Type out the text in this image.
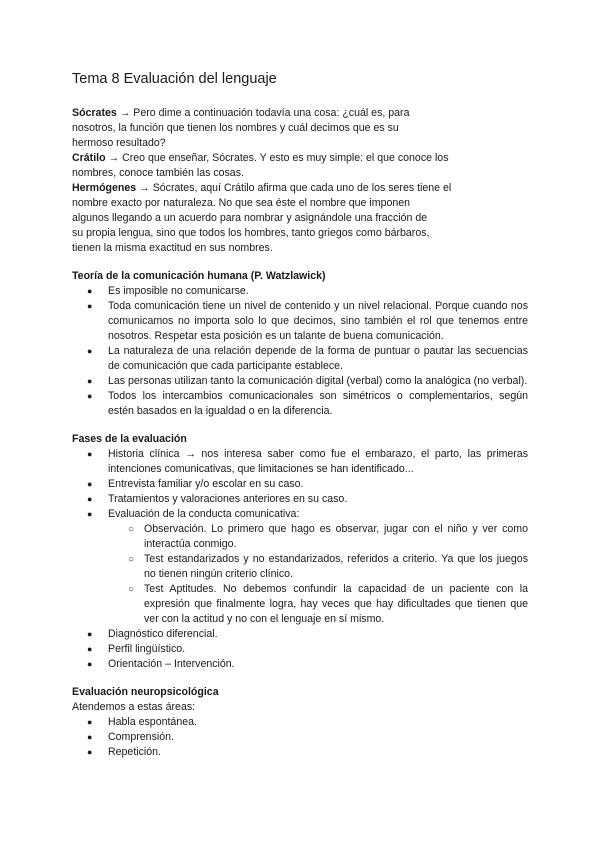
Tema 8 Evaluación del lenguaje

Sócrates → Pero dime a continuación todavía una cosa: ¿cuál es, para
nosotros, la función que tienen los nombres y cuál decimos que es su
hermoso resultado?

Crátilo → Creo que enseñar, Sócrates. Y esto es muy simple: el que conoce los
nombres, conoce también las cosas.

Hermógenes → Sócrates, aquí Crátilo afirma que cada uno de los seres tiene el
nombre exacto por naturaleza. No que sea éste el nombre que imponen
algunos llegando a un acuerdo para nombrar y asignándole una fracción de
su propia lengua, sino que todos los hombres, tanto griegos como bárbaros,
tienen la misma exactitud en sus nombres.

Teoría de la comunicación humana (P. Watzlawick)

● Es imposible no comunicarse.
● Toda comunicación tiene un nivel de contenido y un nivel relacional. Porque cuando nos comunicamos no importa solo lo que decimos, sino también el rol que tenemos entre nosotros. Respetar esta posición es un talante de buena comunicación.
● La naturaleza de una relación depende de la forma de puntuar o pautar las secuencias de comunicación que cada participante establece.
● Las personas utilizan tanto la comunicación digital (verbal) como la analógica (no verbal).
● Todos los intercambios comunicacionales son simétricos o complementarios, según estén basados en la igualdad o en la diferencia.

Fases de la evaluación

● Historia clínica → nos interesa saber como fue el embarazo, el parto, las primeras intenciones comunicativas, que limitaciones se han identificado...
● Entrevista familiar y/o escolar en su caso.
● Tratamientos y valoraciones anteriores en su caso.
● Evaluación de la conducta comunicativa:
○ Observación. Lo primero que hago es observar, jugar con el niño y ver como interactúa conmigo.
○ Test estandarizados y no estandarizados, referidos a criterio. Ya que los juegos no tienen ningún criterio clínico.
○ Test Aptitudes. No debemos confundir la capacidad de un paciente con la expresión que finalmente logra, hay veces que hay dificultades que tienen que ver con la actitud y no con el lenguaje en sí mismo.
● Diagnóstico diferencial.
● Perfil lingüístico.
● Orientación – Intervención.

Evaluación neuropsicológica

Atendemos a estas áreas:

● Habla espontánea.
● Comprensión.
● Repetición.
